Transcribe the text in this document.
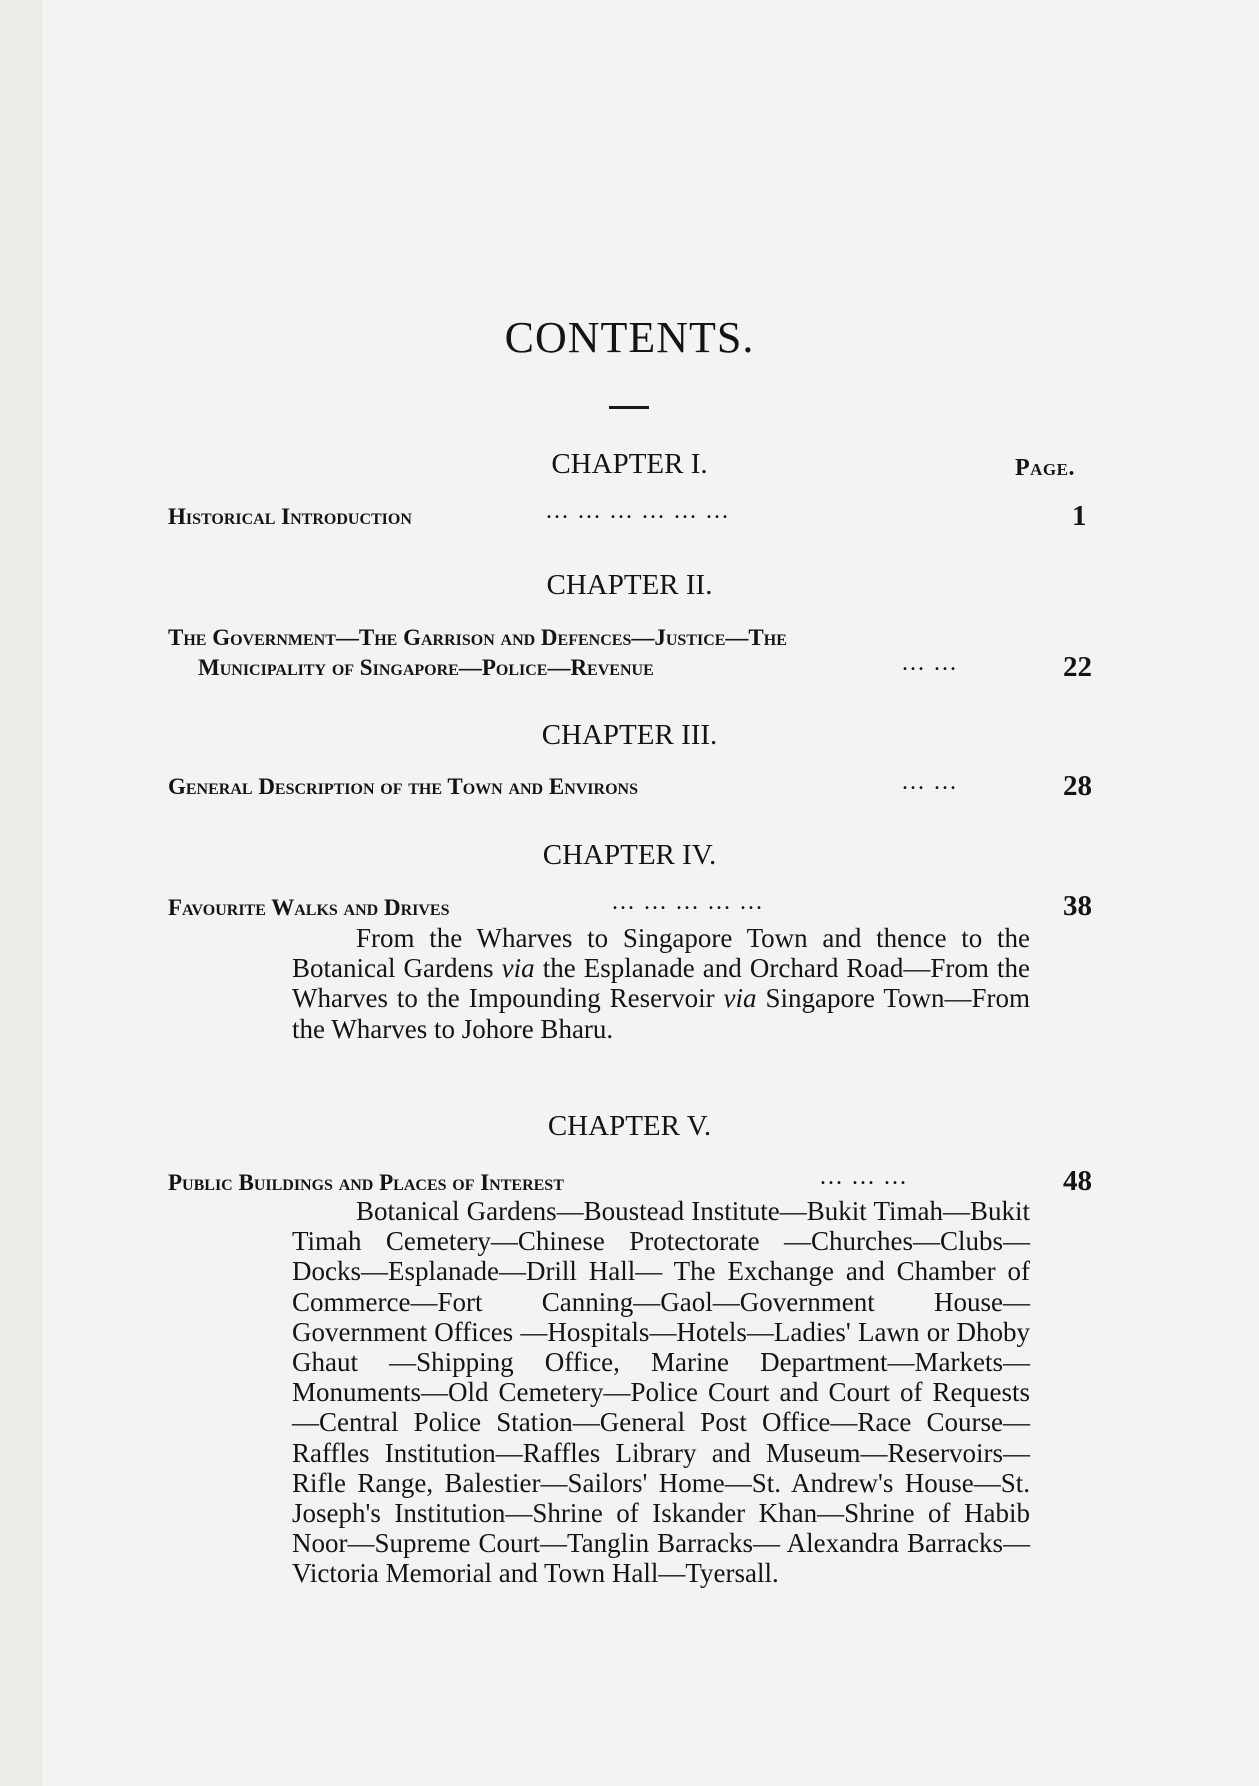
CONTENTS.
CHAPTER I.	Page.
Historical Introduction	... ... ... ... ... ...	1
CHAPTER II.
The Government—The Garrison and Defences—Justice—The
Municipality of Singapore—Police—Revenue	... ...	22
CHAPTER III.
General Description of the Town and Environs	... ...	28
CHAPTER IV.
Favourite Walks and Drives	... ... ... ... ...	38
From the Wharves to Singapore Town and thence to the Botanical Gardens via the Esplanade and Orchard Road—From the Wharves to the Impounding Reservoir via Singapore Town—From the Wharves to Johore Bharu.
CHAPTER V.
Public Buildings and Places of Interest	... ... ...	48
Botanical Gardens—Boustead Institute—Bukit Timah—Bukit Timah Cemetery—Chinese Protectorate —Churches—Clubs—Docks—Esplanade—Drill Hall— The Exchange and Chamber of Commerce—Fort Canning—Gaol—Government House—Government Offices —Hospitals—Hotels—Ladies' Lawn or Dhoby Ghaut —Shipping Office, Marine Department—Markets— Monuments—Old Cemetery—Police Court and Court of Requests—Central Police Station—General Post Office—Race Course—Raffles Institution—Raffles Library and Museum—Reservoirs—Rifle Range, Balestier—Sailors' Home—St. Andrew's House—St. Joseph's Institution—Shrine of Iskander Khan—Shrine of Habib Noor—Supreme Court—Tanglin Barracks— Alexandra Barracks—Victoria Memorial and Town Hall—Tyersall.
